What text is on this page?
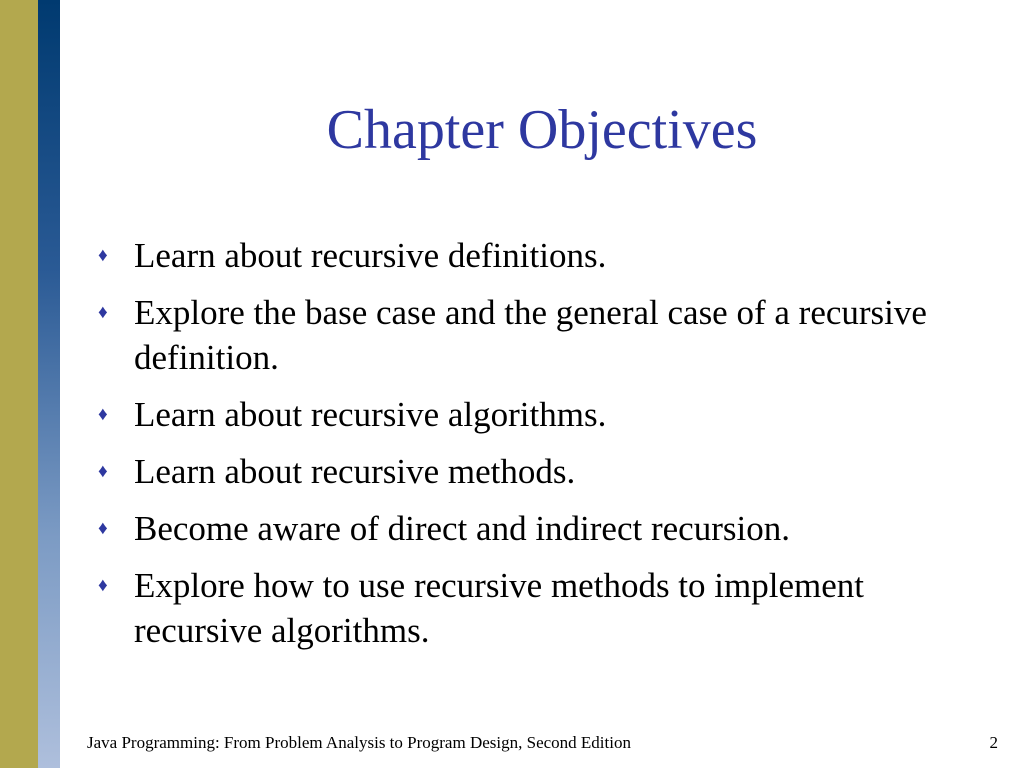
Chapter Objectives
♦ Learn about recursive definitions.
♦ Explore the base case and the general case of a recursive definition.
♦ Learn about recursive algorithms.
♦ Learn about recursive methods.
♦ Become aware of direct and indirect recursion.
♦ Explore how to use recursive methods to implement recursive algorithms.
Java Programming: From Problem Analysis to Program Design, Second Edition	2
